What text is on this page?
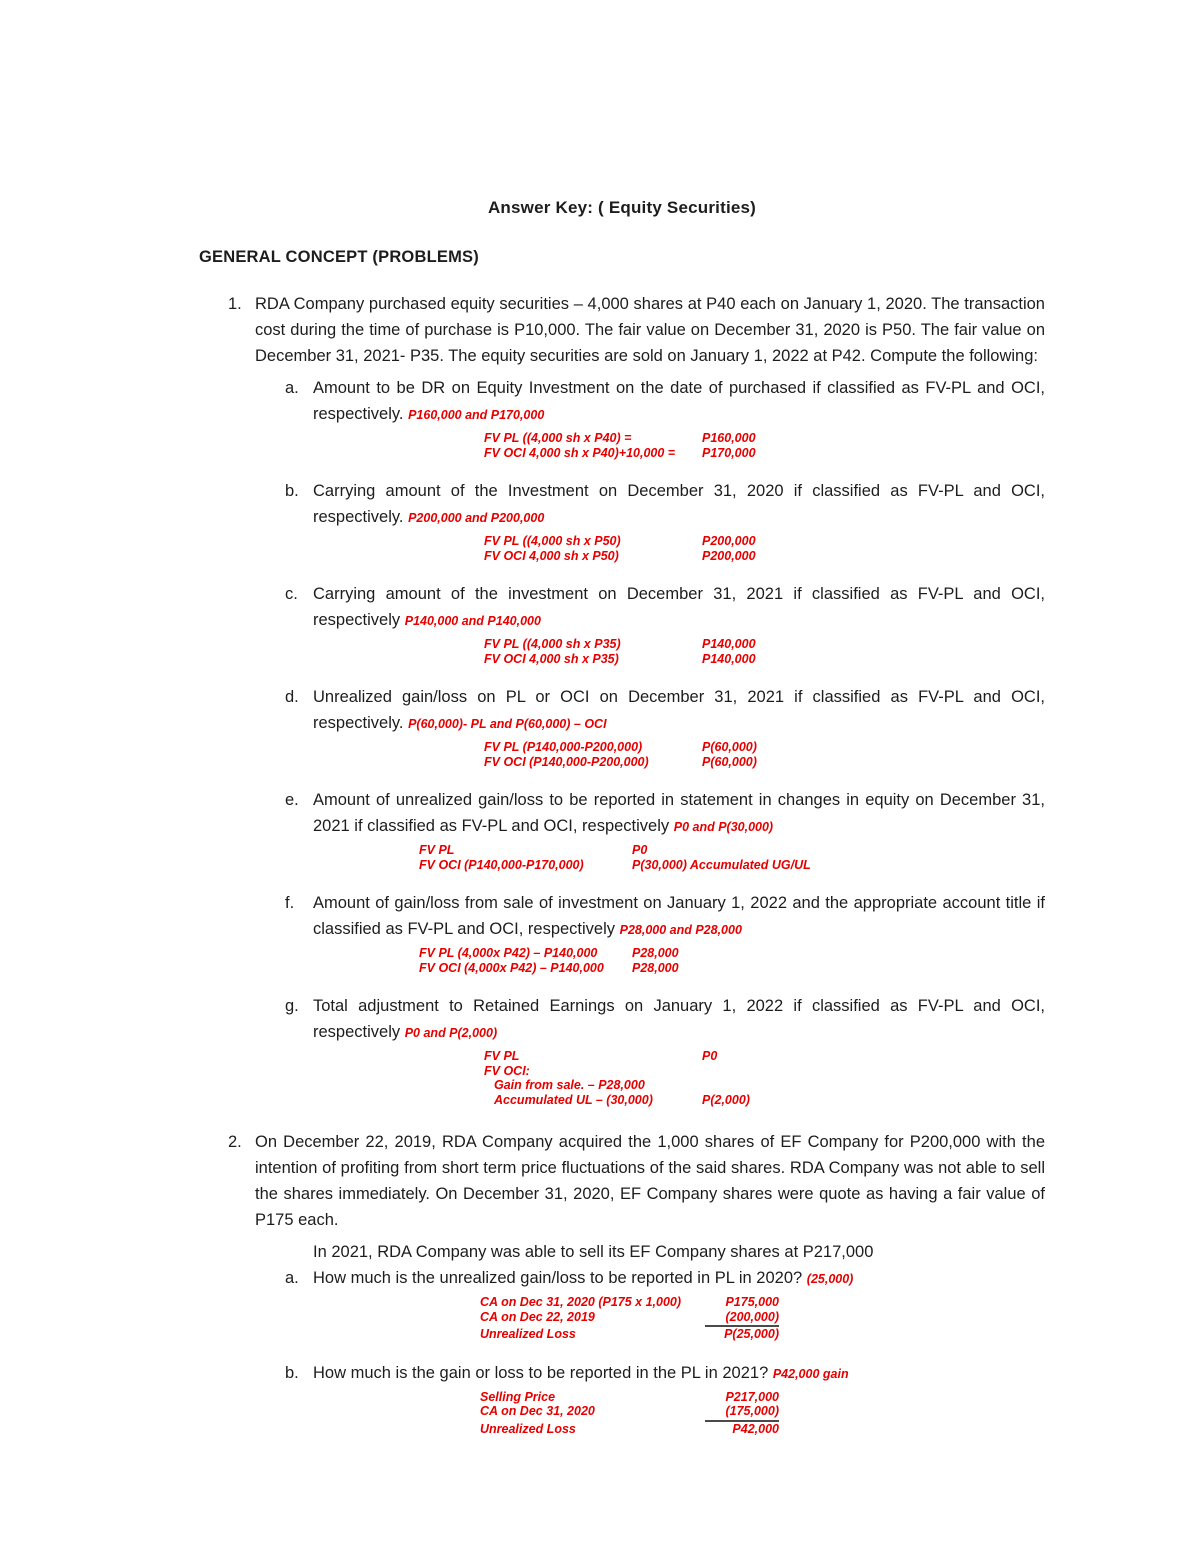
Answer Key: ( Equity Securities)

GENERAL CONCEPT (PROBLEMS)

1. RDA Company purchased equity securities – 4,000 shares at P40 each on January 1, 2020. The transaction cost during the time of purchase is P10,000. The fair value on December 31, 2020 is P50. The fair value on December 31, 2021- P35. The equity securities are sold on January 1, 2022 at P42. Compute the following:

a. Amount to be DR on Equity Investment on the date of purchased if classified as FV-PL and OCI, respectively. P160,000 and P170,000

FV PL ((4,000 sh x P40) =	P160,000
FV OCI 4,000 sh x P40)+10,000 =	P170,000
b. Carrying amount of the Investment on December 31, 2020 if classified as FV-PL and OCI, respectively. P200,000 and P200,000

FV PL ((4,000 sh x P50)	P200,000
FV OCI 4,000 sh x P50)	P200,000
c. Carrying amount of the investment on December 31, 2021 if classified as FV-PL and OCI, respectively P140,000 and P140,000

FV PL ((4,000 sh x P35)	P140,000
FV OCI 4,000 sh x P35)	P140,000
d. Unrealized gain/loss on PL or OCI on December 31, 2021 if classified as FV-PL and OCI, respectively. P(60,000)- PL and P(60,000) – OCI

FV PL (P140,000-P200,000)	P(60,000)
FV OCI (P140,000-P200,000)	P(60,000)
e. Amount of unrealized gain/loss to be reported in statement in changes in equity on December 31, 2021 if classified as FV-PL and OCI, respectively P0 and P(30,000)

FV PL	P0
FV OCI (P140,000-P170,000)	P(30,000) Accumulated UG/UL
f.	Amount of gain/loss from sale of investment on January 1, 2022 and the appropriate account title if classified as FV-PL and OCI, respectively P28,000 and P28,000

FV PL (4,000x P42) – P140,000	P28,000
FV OCI (4,000x P42) – P140,000	P28,000
g. Total adjustment to Retained Earnings on January 1, 2022 if classified as FV-PL and OCI, respectively P0 and P(2,000)

FV PL	P0
FV OCI:
Gain from sale. – P28,000
Accumulated UL – (30,000)	P(2,000)
2. On December 22, 2019, RDA Company acquired the 1,000 shares of EF Company for P200,000 with the intention of profiting from short term price fluctuations of the said shares. RDA Company was not able to sell the shares immediately. On December 31, 2020, EF Company shares were quote as having a fair value of P175 each.

In 2021, RDA Company was able to sell its EF Company shares at P217,000

a. How much is the unrealized gain/loss to be reported in PL in 2020? (25,000)

CA on Dec 31, 2020 (P175 x 1,000)	P175,000
CA on Dec 22, 2019	(200,000)
Unrealized Loss	P(25,000)
b. How much is the gain or loss to be reported in the PL in 2021? P42,000 gain

Selling Price	P217,000
CA on Dec 31, 2020	(175,000)
Unrealized Loss	P42,000
